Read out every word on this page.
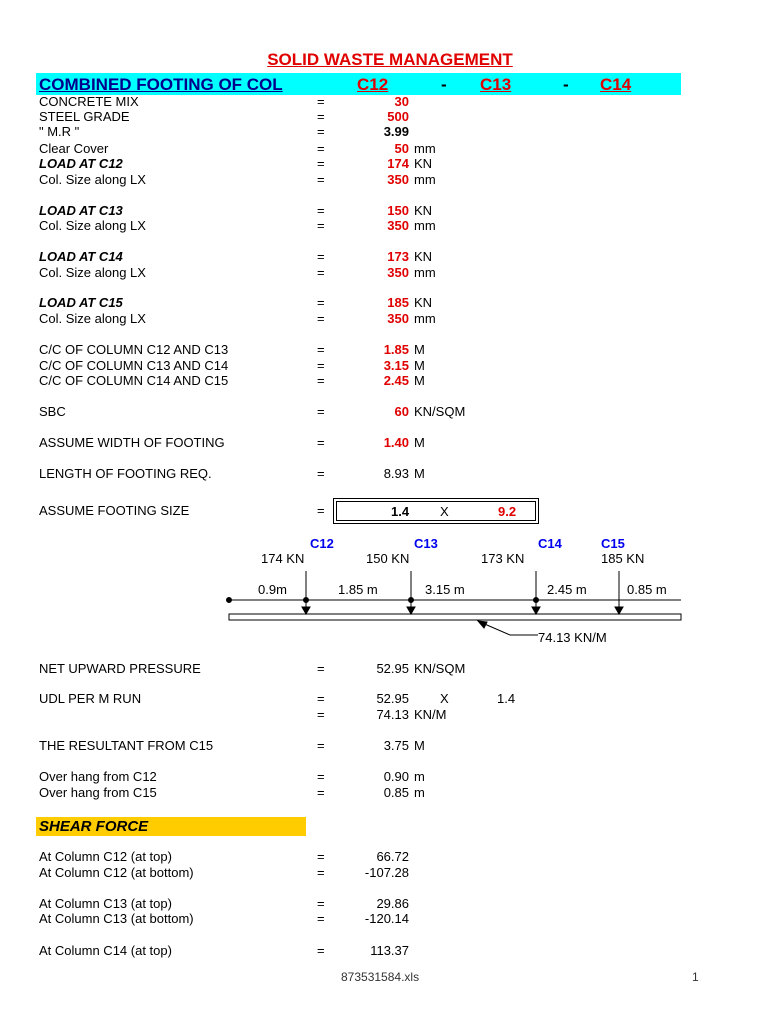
SOLID WASTE MANAGEMENT
COMBINED FOOTING OF COL	C12	- C13	- C14
CONCRETE MIX	=	30
STEEL GRADE	=	500
" M.R "	=	3.99
Clear Cover	=	50 mm
LOAD AT C12	=	174 KN
Col. Size along LX	=	350 mm
LOAD AT C13	=	150 KN
Col. Size along LX	=	350 mm
LOAD AT C14	=	173 KN
Col. Size along LX	=	350 mm
LOAD AT C15	=	185 KN
Col. Size along LX	=	350 mm
C/C OF COLUMN C12 AND C13	=	1.85 M
C/C OF COLUMN C13 AND C14	=	3.15 M
C/C OF COLUMN C14 AND C15	=	2.45 M
SBC	=	60 KN/SQM
ASSUME WIDTH OF FOOTING	=	1.40 M
LENGTH OF FOOTING REQ.	=	8.93 M
ASSUME FOOTING SIZE	=	1.4 X	9.2
C12	C13	C14	C15
174 KN	150 KN	173 KN	185 KN
0.9m	1.85 m	3.15 m	2.45 m	0.85 m
74.13 KN/M
NET UPWARD PRESSURE	=	52.95 KN/SQM
UDL PER M RUN	=	52.95 X	1.4
=	74.13 KN/M
THE RESULTANT FROM C15	=	3.75 M
Over hang from C12	=	0.90 m
Over hang from C15	=	0.85 m
SHEAR FORCE
At Column C12 (at top)	=	66.72
At Column C12 (at bottom)	=	-107.28
At Column C13 (at top)	=	29.86
At Column C13 (at bottom)	=	-120.14
At Column C14 (at top)	=	113.37
873531584.xls	1
